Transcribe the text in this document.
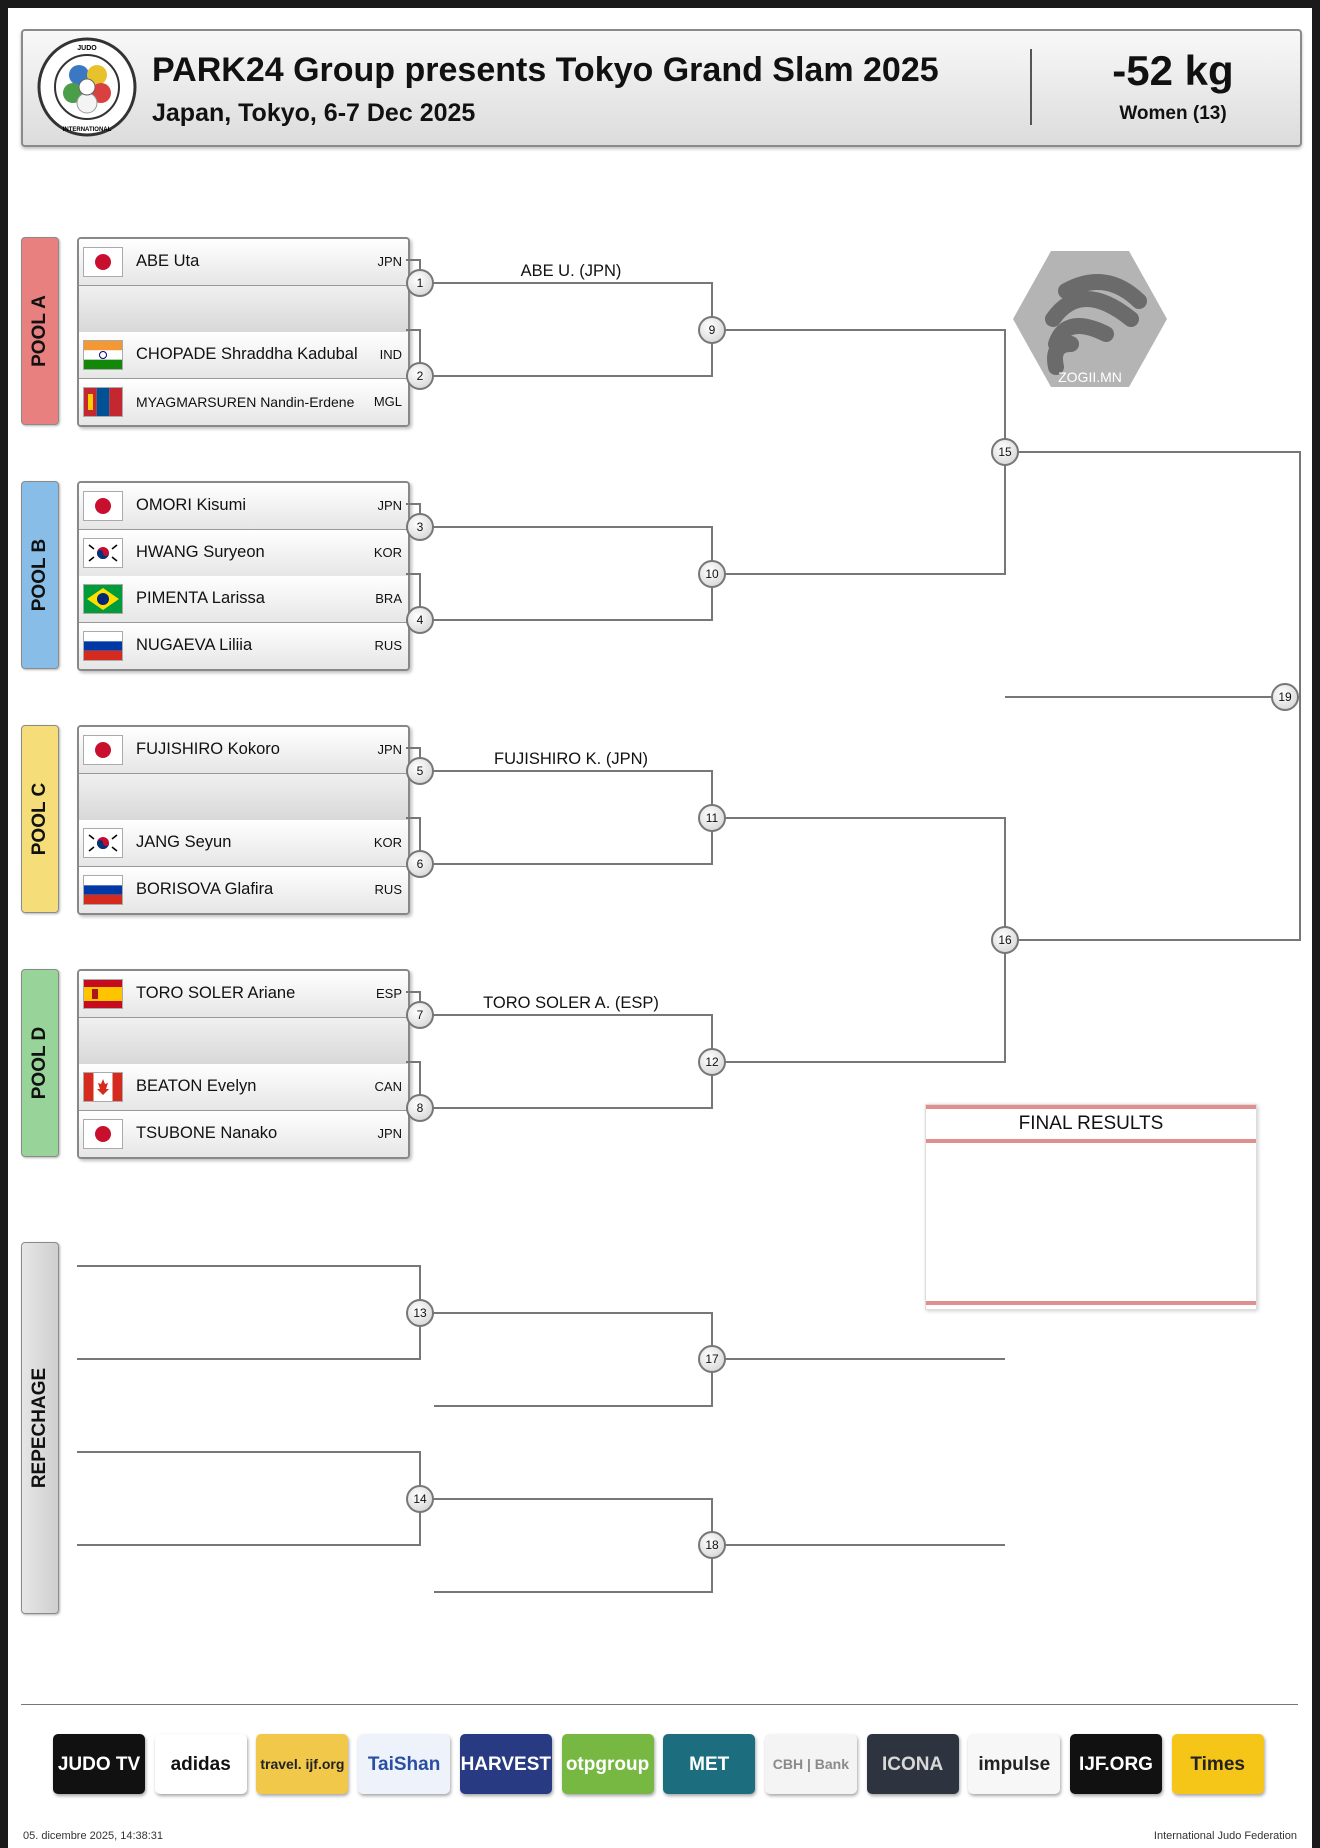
JUDO
INTERNATIONAL
PARK24 Group presents Tokyo Grand Slam 2025
Japan, Tokyo, 6-7 Dec 2025
-52 kg
Women (13)
POOL A
POOL B
POOL C
POOL D
REPECHAGE
ABE Uta	JPN
CHOPADE Shraddha Kadubal IND
MYAGMARSUREN Nandin-Erdene MGL
OMORI Kisumi	JPN
HWANG Suryeon	KOR
PIMENTA Larissa	BRA
NUGAEVA Liliia	RUS
FUJISHIRO Kokoro	JPN
JANG Seyun	KOR
BORISOVA Glafira	RUS
TORO SOLER Ariane	ESP
BEATON Evelyn	CAN
TSUBONE Nanako	JPN
1
2
3
4
5
6
7
8
9
10
11
12
13
14
15
16
17
18
19
ABE U. (JPN)
FUJISHIRO K. (JPN)
TORO SOLER A. (ESP)
ZOGII.MN
FINAL RESULTS
JUDO TV	adidas	travel. ijf.org	TaiShan	HARVEST otpgroup	MET	CBH | Bank	ICONA	impulse	IJF.ORG	Times
05. dicembre 2025, 14:38:31	International Judo Federation
